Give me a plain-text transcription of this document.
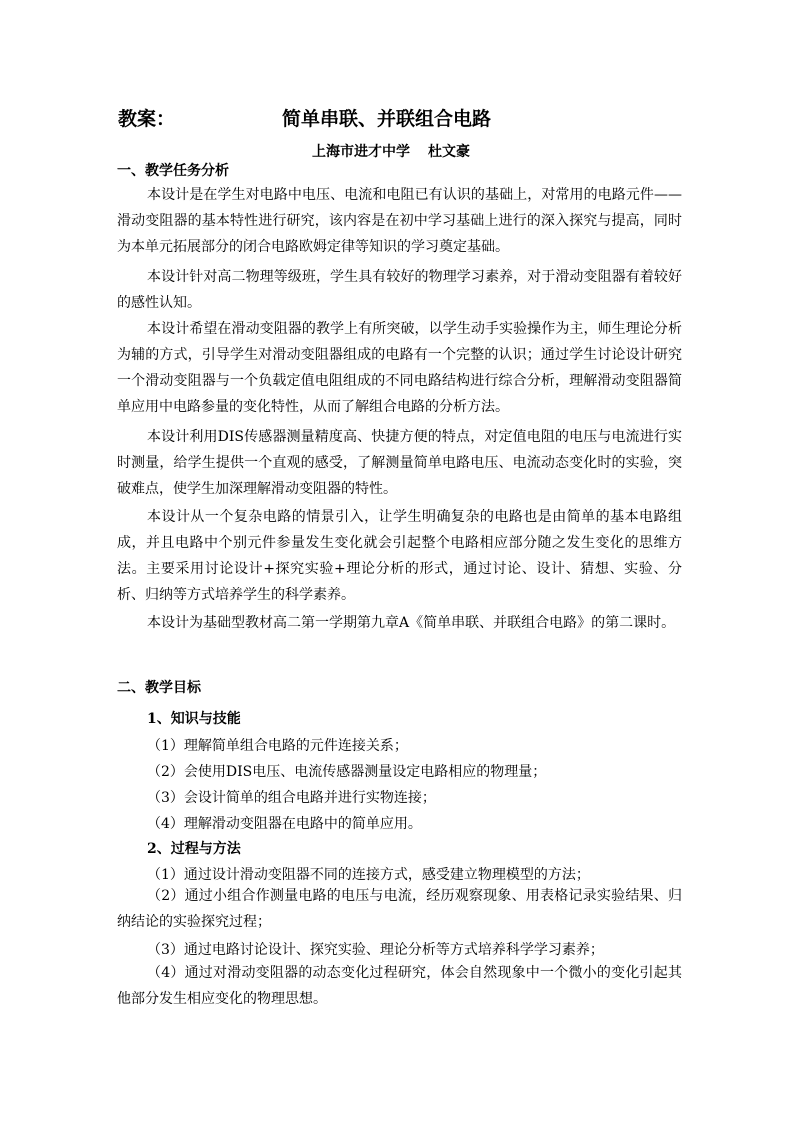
教案：	简单串联、并联组合电路
上海市进才中学 杜文豪
一、教学任务分析
本设计是在学生对电路中电压、电流和电阻已有认识的基础上，对常用的电路元件——滑动变阻器的基本特性进行研究，该内容是在初中学习基础上进行的深入探究与提高，同时为本单元拓展部分的闭合电路欧姆定律等知识的学习奠定基础。
本设计针对高二物理等级班，学生具有较好的物理学习素养，对于滑动变阻器有着较好的感性认知。
本设计希望在滑动变阻器的教学上有所突破，以学生动手实验操作为主，师生理论分析为辅的方式，引导学生对滑动变阻器组成的电路有一个完整的认识；通过学生讨论设计研究一个滑动变阻器与一个负载定值电阻组成的不同电路结构进行综合分析，理解滑动变阻器简单应用中电路参量的变化特性，从而了解组合电路的分析方法。
本设计利用DIS传感器测量精度高、快捷方便的特点，对定值电阻的电压与电流进行实时测量，给学生提供一个直观的感受，了解测量简单电路电压、电流动态变化时的实验，突破难点，使学生加深理解滑动变阻器的特性。
本设计从一个复杂电路的情景引入，让学生明确复杂的电路也是由简单的基本电路组成，并且电路中个别元件参量发生变化就会引起整个电路相应部分随之发生变化的思维方法。主要采用讨论设计+探究实验+理论分析的形式，通过讨论、设计、猜想、实验、分析、归纳等方式培养学生的科学素养。
本设计为基础型教材高二第一学期第九章A《简单串联、并联组合电路》的第二课时。
二、教学目标
1、知识与技能
（1）理解简单组合电路的元件连接关系；
（2）会使用DIS电压、电流传感器测量设定电路相应的物理量；
（3）会设计简单的组合电路并进行实物连接；
（4）理解滑动变阻器在电路中的简单应用。
2、过程与方法
（1）通过设计滑动变阻器不同的连接方式，感受建立物理模型的方法；
（2）通过小组合作测量电路的电压与电流，经历观察现象、用表格记录实验结果、归纳结论的实验探究过程；
（3）通过电路讨论设计、探究实验、理论分析等方式培养科学学习素养；
（4）通过对滑动变阻器的动态变化过程研究，体会自然现象中一个微小的变化引起其他部分发生相应变化的物理思想。
